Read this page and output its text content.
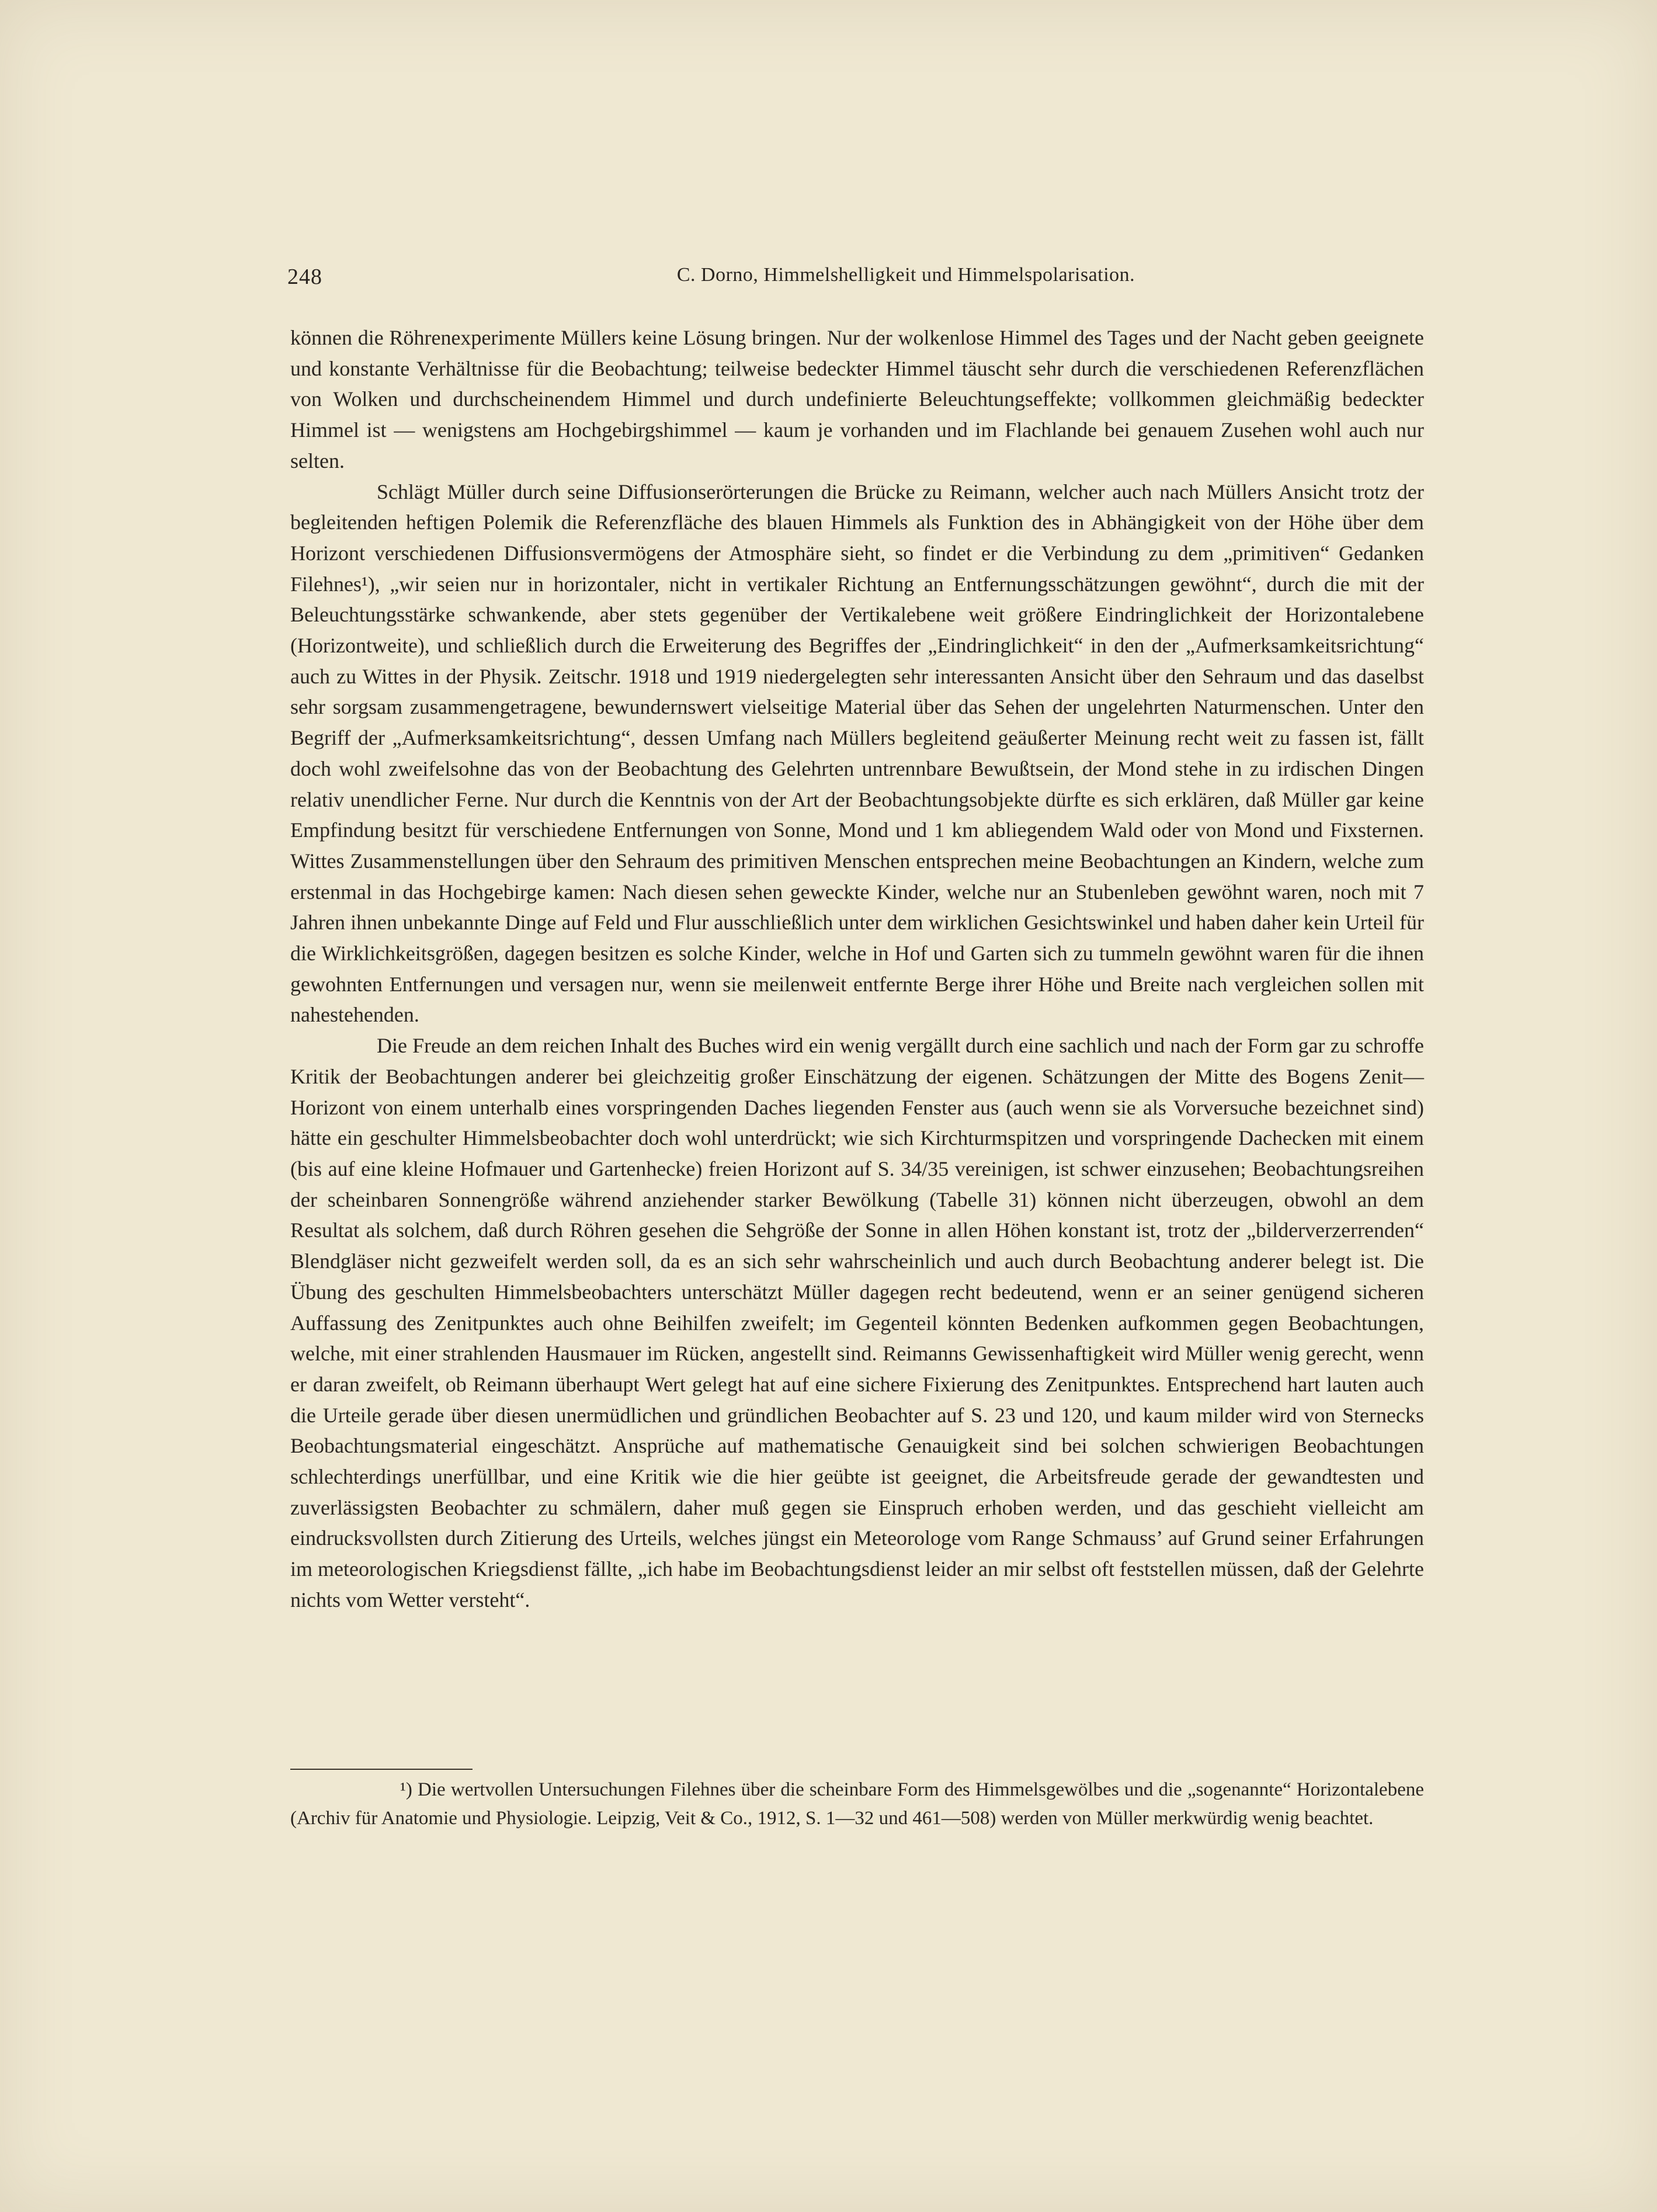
248	C. Dorno, Himmelshelligkeit und Himmelspolarisation.

können die Röhrenexperimente Müllers keine Lösung bringen. Nur der wolkenlose Himmel des Tages und der Nacht geben geeignete und konstante Verhältnisse für die Beobachtung; teilweise bedeckter Himmel täuscht sehr durch die verschiedenen Referenzflächen von Wolken und durchscheinendem Himmel und durch undefinierte Beleuchtungseffekte; vollkommen gleichmäßig bedeckter Himmel ist — wenigstens am Hochgebirgshimmel — kaum je vorhanden und im Flachlande bei genauem Zusehen wohl auch nur selten.

Schlägt Müller durch seine Diffusionserörterungen die Brücke zu Reimann, welcher auch nach Müllers Ansicht trotz der begleitenden heftigen Polemik die Referenzfläche des blauen Himmels als Funktion des in Abhängigkeit von der Höhe über dem Horizont verschiedenen Diffusionsvermögens der Atmosphäre sieht, so findet er die Verbindung zu dem „primitiven“ Gedanken Filehnes¹), „wir seien nur in horizontaler, nicht in vertikaler Richtung an Entfernungsschätzungen gewöhnt“, durch die mit der Beleuchtungsstärke schwankende, aber stets gegenüber der Vertikalebene weit größere Eindringlichkeit der Horizontalebene (Horizontweite), und schließlich durch die Erweiterung des Begriffes der „Eindringlichkeit“ in den der „Aufmerksamkeitsrichtung“ auch zu Wittes in der Physik. Zeitschr. 1918 und 1919 niedergelegten sehr interessanten Ansicht über den Sehraum und das daselbst sehr sorgsam zusammengetragene, bewundernswert vielseitige Material über das Sehen der ungelehrten Naturmenschen. Unter den Begriff der „Aufmerksamkeitsrichtung“, dessen Umfang nach Müllers begleitend geäußerter Meinung recht weit zu fassen ist, fällt doch wohl zweifelsohne das von der Beobachtung des Gelehrten untrennbare Bewußtsein, der Mond stehe in zu irdischen Dingen relativ unendlicher Ferne. Nur durch die Kenntnis von der Art der Beobachtungsobjekte dürfte es sich erklären, daß Müller gar keine Empfindung besitzt für verschiedene Entfernungen von Sonne, Mond und 1 km abliegendem Wald oder von Mond und Fixsternen. Wittes Zusammenstellungen über den Sehraum des primitiven Menschen entsprechen meine Beobachtungen an Kindern, welche zum erstenmal in das Hochgebirge kamen: Nach diesen sehen geweckte Kinder, welche nur an Stubenleben gewöhnt waren, noch mit 7 Jahren ihnen unbekannte Dinge auf Feld und Flur ausschließlich unter dem wirklichen Gesichtswinkel und haben daher kein Urteil für die Wirklichkeitsgrößen, dagegen besitzen es solche Kinder, welche in Hof und Garten sich zu tummeln gewöhnt waren für die ihnen gewohnten Entfernungen und versagen nur, wenn sie meilenweit entfernte Berge ihrer Höhe und Breite nach vergleichen sollen mit nahestehenden.

Die Freude an dem reichen Inhalt des Buches wird ein wenig vergällt durch eine sachlich und nach der Form gar zu schroffe Kritik der Beobachtungen anderer bei gleichzeitig großer Einschätzung der eigenen. Schätzungen der Mitte des Bogens Zenit—Horizont von einem unterhalb eines vorspringenden Daches liegenden Fenster aus (auch wenn sie als Vorversuche bezeichnet sind) hätte ein geschulter Himmelsbeobachter doch wohl unterdrückt; wie sich Kirchturmspitzen und vorspringende Dachecken mit einem (bis auf eine kleine Hofmauer und Gartenhecke) freien Horizont auf S. 34/35 vereinigen, ist schwer einzusehen; Beobachtungsreihen der scheinbaren Sonnengröße während anziehender starker Bewölkung (Tabelle 31) können nicht überzeugen, obwohl an dem Resultat als solchem, daß durch Röhren gesehen die Sehgröße der Sonne in allen Höhen konstant ist, trotz der „bilderverzerrenden“ Blendgläser nicht gezweifelt werden soll, da es an sich sehr wahrscheinlich und auch durch Beobachtung anderer belegt ist. Die Übung des geschulten Himmelsbeobachters unterschätzt Müller dagegen recht bedeutend, wenn er an seiner genügend sicheren Auffassung des Zenitpunktes auch ohne Beihilfen zweifelt; im Gegenteil könnten Bedenken aufkommen gegen Beobachtungen, welche, mit einer strahlenden Hausmauer im Rücken, angestellt sind. Reimanns Gewissenhaftigkeit wird Müller wenig gerecht, wenn er daran zweifelt, ob Reimann überhaupt Wert gelegt hat auf eine sichere Fixierung des Zenitpunktes. Entsprechend hart lauten auch die Urteile gerade über diesen unermüdlichen und gründlichen Beobachter auf S. 23 und 120, und kaum milder wird von Sternecks Beobachtungsmaterial eingeschätzt. Ansprüche auf mathematische Genauigkeit sind bei solchen schwierigen Beobachtungen schlechterdings unerfüllbar, und eine Kritik wie die hier geübte ist geeignet, die Arbeitsfreude gerade der gewandtesten und zuverlässigsten Beobachter zu schmälern, daher muß gegen sie Einspruch erhoben werden, und das geschieht vielleicht am eindrucksvollsten durch Zitierung des Urteils, welches jüngst ein Meteorologe vom Range Schmauss’ auf Grund seiner Erfahrungen im meteorologischen Kriegsdienst fällte, „ich habe im Beobachtungsdienst leider an mir selbst oft feststellen müssen, daß der Gelehrte nichts vom Wetter versteht“.

¹) Die wertvollen Untersuchungen Filehnes über die scheinbare Form des Himmelsgewölbes und die „sogenannte“ Horizontalebene (Archiv für Anatomie und Physiologie. Leipzig, Veit & Co., 1912, S. 1—32 und 461—508) werden von Müller merkwürdig wenig beachtet.
